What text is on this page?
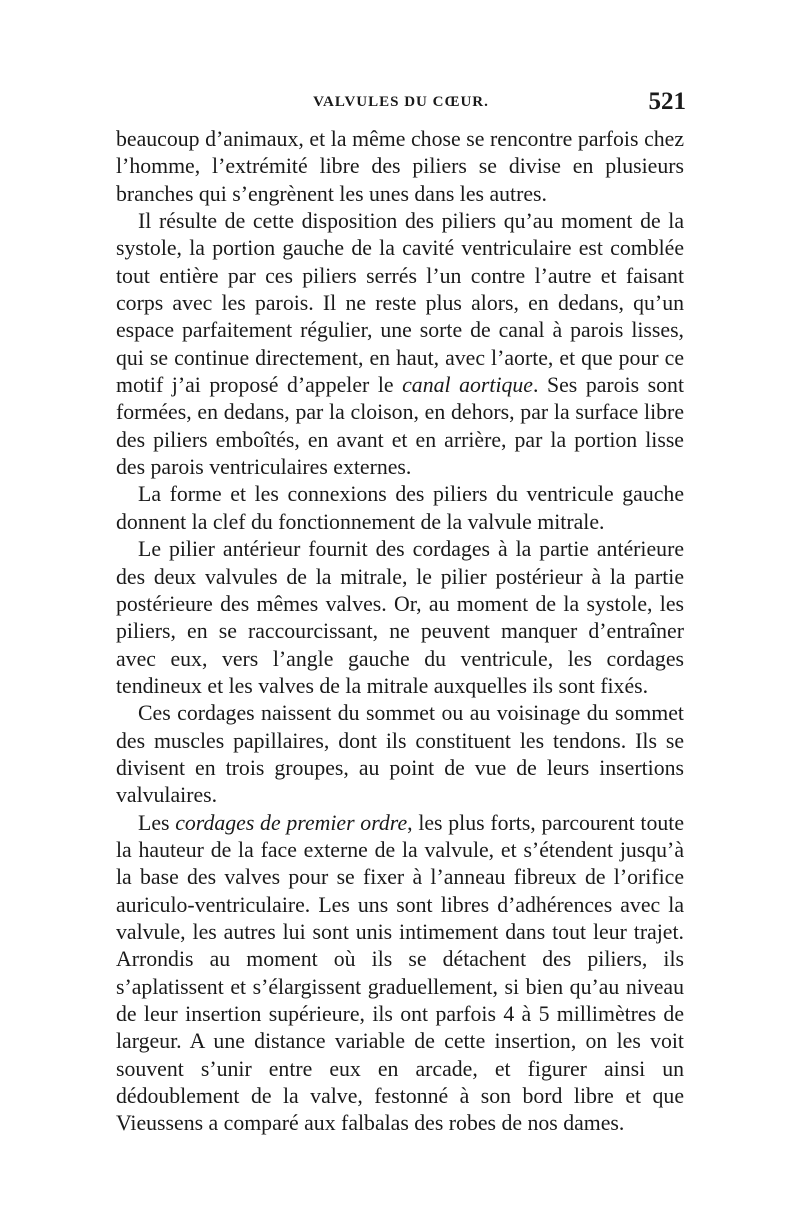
VALVULES DU CŒUR.	521

beaucoup d’animaux, et la même chose se rencontre parfois chez l’homme, l’extrémité libre des piliers se divise en plusieurs branches qui s’engrènent les unes dans les autres.

Il résulte de cette disposition des piliers qu’au moment de la systole, la portion gauche de la cavité ventriculaire est comblée tout entière par ces piliers serrés l’un contre l’autre et faisant corps avec les parois. Il ne reste plus alors, en dedans, qu’un espace parfaitement régulier, une sorte de canal à parois lisses, qui se continue directement, en haut, avec l’aorte, et que pour ce motif j’ai proposé d’appeler le canal aortique. Ses parois sont formées, en dedans, par la cloison, en dehors, par la surface libre des piliers emboîtés, en avant et en arrière, par la portion lisse des parois ventriculaires externes.

La forme et les connexions des piliers du ventricule gauche donnent la clef du fonctionnement de la valvule mitrale.

Le pilier antérieur fournit des cordages à la partie antérieure des deux valvules de la mitrale, le pilier postérieur à la partie postérieure des mêmes valves. Or, au moment de la systole, les piliers, en se raccourcissant, ne peuvent manquer d’entraîner avec eux, vers l’angle gauche du ventricule, les cordages tendineux et les valves de la mitrale auxquelles ils sont fixés.

Ces cordages naissent du sommet ou au voisinage du sommet des muscles papillaires, dont ils constituent les tendons. Ils se divisent en trois groupes, au point de vue de leurs insertions valvulaires.

Les cordages de premier ordre, les plus forts, parcourent toute la hauteur de la face externe de la valvule, et s’étendent jusqu’à la base des valves pour se fixer à l’anneau fibreux de l’orifice auriculo-ventriculaire. Les uns sont libres d’adhérences avec la valvule, les autres lui sont unis intimement dans tout leur trajet. Arrondis au moment où ils se détachent des piliers, ils s’aplatissent et s’élargissent graduellement, si bien qu’au niveau de leur insertion supérieure, ils ont parfois 4 à 5 millimètres de largeur. A une distance variable de cette insertion, on les voit souvent s’unir entre eux en arcade, et figurer ainsi un dédoublement de la valve, festonné à son bord libre et que Vieussens a comparé aux falbalas des robes de nos dames.
